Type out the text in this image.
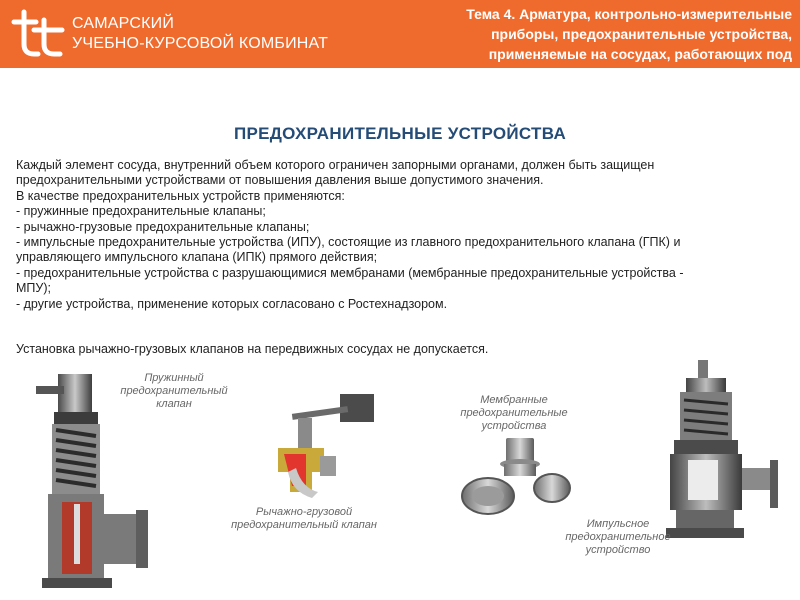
САМАРСКИЙ
УЧЕБНО-КУРСОВОЙ КОМБИНАТ
Тема 4. Арматура, контрольно-измерительные
приборы, предохранительные устройства,
применяемые на сосудах, работающих под
давлением
ПРЕДОХРАНИТЕЛЬНЫЕ УСТРОЙСТВА
Каждый элемент сосуда, внутренний объем которого ограничен запорными органами, должен быть защищен
предохранительными устройствами от повышения давления выше допустимого значения.
В качестве предохранительных устройств применяются:
- пружинные предохранительные клапаны;
- рычажно-грузовые предохранительные клапаны;
- импульсные предохранительные устройства (ИПУ), состоящие из главного предохранительного клапана (ГПК) и
управляющего импульсного клапана (ИПК) прямого действия;
- предохранительные устройства с разрушающимися мембранами (мембранные предохранительные устройства -
МПУ);
- другие устройства, применение которых согласовано с Ростехнадзором.
Установка рычажно-грузовых клапанов на передвижных сосудах не допускается.
Пружинный
предохранительный
клапан
Рычажно-грузовой
предохранительный клапан
Мембранные
предохранительные
устройства
Импульсное
предохранительное
устройство
